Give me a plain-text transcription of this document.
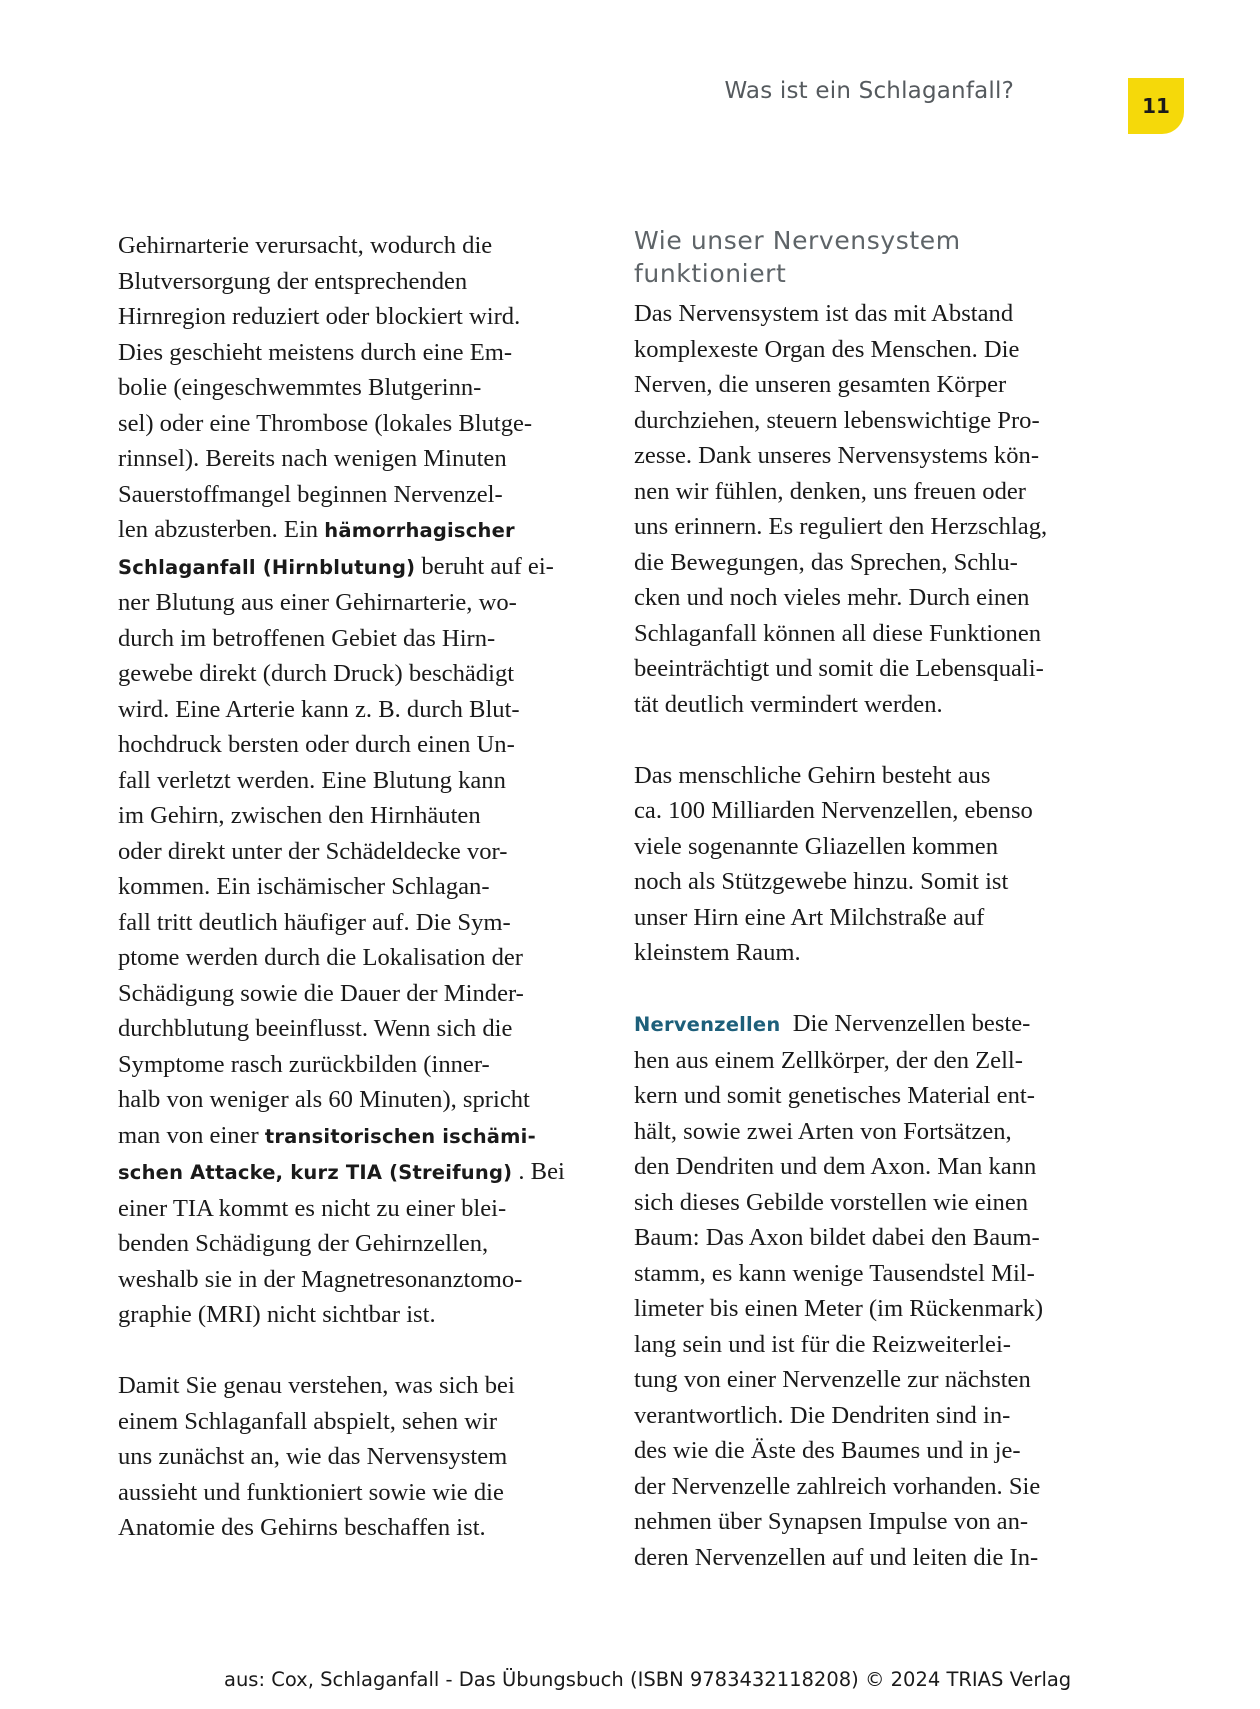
Was ist ein Schlaganfall?
11

Gehirnarterie verursacht, wodurch die
Blutversorgung der entsprechenden
Hirnregion reduziert oder blockiert wird.
Dies geschieht meistens durch eine Em-
bolie (eingeschwemmtes Blutgerinn-
sel) oder eine Thrombose (lokales Blutge-
rinnsel). Bereits nach wenigen Minuten
Sauerstoffmangel beginnen Nervenzel-
len abzusterben. Ein hämorrhagischer
Schlaganfall (Hirnblutung) beruht auf ei-
ner Blutung aus einer Gehirnarterie, wo-
durch im betroffenen Gebiet das Hirn-
gewebe direkt (durch Druck) beschädigt
wird. Eine Arterie kann z. B. durch Blut-
hochdruck bersten oder durch einen Un-
fall verletzt werden. Eine Blutung kann
im Gehirn, zwischen den Hirnhäuten
oder direkt unter der Schädeldecke vor-
kommen. Ein ischämischer Schlagan-
fall tritt deutlich häufiger auf. Die Sym-
ptome werden durch die Lokalisation der
Schädigung sowie die Dauer der Minder-
durchblutung beeinflusst. Wenn sich die
Symptome rasch zurückbilden (inner-
halb von weniger als 60 Minuten), spricht
man von einer transitorischen ischämi-
schen Attacke, kurz TIA (Streifung) . Bei
einer TIA kommt es nicht zu einer blei-
benden Schädigung der Gehirnzellen,
weshalb sie in der Magnetresonanztomo-
graphie (MRI) nicht sichtbar ist.

Damit Sie genau verstehen, was sich bei
einem Schlaganfall abspielt, sehen wir
uns zunächst an, wie das Nervensystem
aussieht und funktioniert sowie wie die
Anatomie des Gehirns beschaffen ist.

Wie unser Nervensystem
funktioniert

Das Nervensystem ist das mit Abstand
komplexeste Organ des Menschen. Die
Nerven, die unseren gesamten Körper
durchziehen, steuern lebenswichtige Pro-
zesse. Dank unseres Nervensystems kön-
nen wir fühlen, denken, uns freuen oder
uns erinnern. Es reguliert den Herzschlag,
die Bewegungen, das Sprechen, Schlu-
cken und noch vieles mehr. Durch einen
Schlaganfall können all diese Funktionen
beeinträchtigt und somit die Lebensquali-
tät deutlich vermindert werden.

Das menschliche Gehirn besteht aus
ca. 100 Milliarden Nervenzellen, ebenso
viele sogenannte Gliazellen kommen
noch als Stützgewebe hinzu. Somit ist
unser Hirn eine Art Milchstraße auf
kleinstem Raum.

Nervenzellen  Die Nervenzellen beste-
hen aus einem Zellkörper, der den Zell-
kern und somit genetisches Material ent-
hält, sowie zwei Arten von Fortsätzen,
den Dendriten und dem Axon. Man kann
sich dieses Gebilde vorstellen wie einen
Baum: Das Axon bildet dabei den Baum-
stamm, es kann wenige Tausendstel Mil-
limeter bis einen Meter (im Rückenmark)
lang sein und ist für die Reizweiterlei-
tung von einer Nervenzelle zur nächsten
verantwortlich. Die Dendriten sind in-
des wie die Äste des Baumes und in je-
der Nervenzelle zahlreich vorhanden. Sie
nehmen über Synapsen Impulse von an-
deren Nervenzellen auf und leiten die In-

aus: Cox, Schlaganfall - Das Übungsbuch (ISBN 9783432118208) © 2024 TRIAS Verlag
